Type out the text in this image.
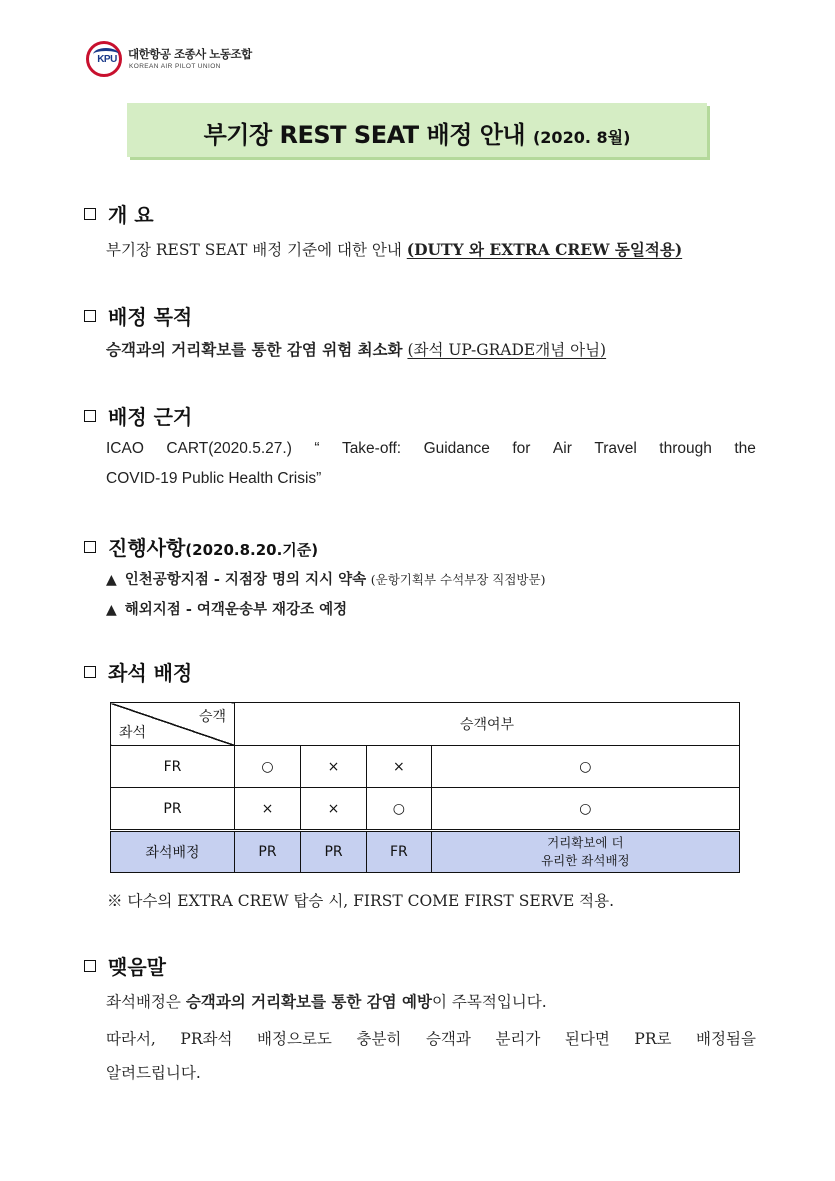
KPU 대한항공 조종사 노동조합
KOREAN AIR PILOT UNION
부기장 REST SEAT 배정 안내 (2020. 8월)
개 요
부기장 REST SEAT 배정 기준에 대한 안내 (DUTY 와 EXTRA CREW 동일적용)
배정 목적
승객과의 거리확보를 통한 감염 위험 최소화 (좌석 UP-GRADE개념 아님)
배정 근거
ICAO CART(2020.5.27.) “ Take-off: Guidance for Air Travel through the
COVID-19 Public Health Crisis”
진행사항(2020.8.20.기준)
▲ 인천공항지점 - 지점장 명의 지시 약속 (운항기획부 수석부장 직접방문)
▲ 해외지점 - 여객운송부 재강조 예정
좌석 배정
승객
좌석	승객여부			
FR	○	×	×	○
PR	×	×	○	○
좌석배정	PR	PR	FR	거리확보에 더
유리한 좌석배정
※ 다수의 EXTRA CREW 탑승 시, FIRST COME FIRST SERVE 적용.
맺음말
좌석배정은 승객과의 거리확보를 통한 감염 예방이 주목적입니다.
따라서, PR좌석 배정으로도 충분히 승객과 분리가 된다면 PR로 배정됨을
알려드립니다.
